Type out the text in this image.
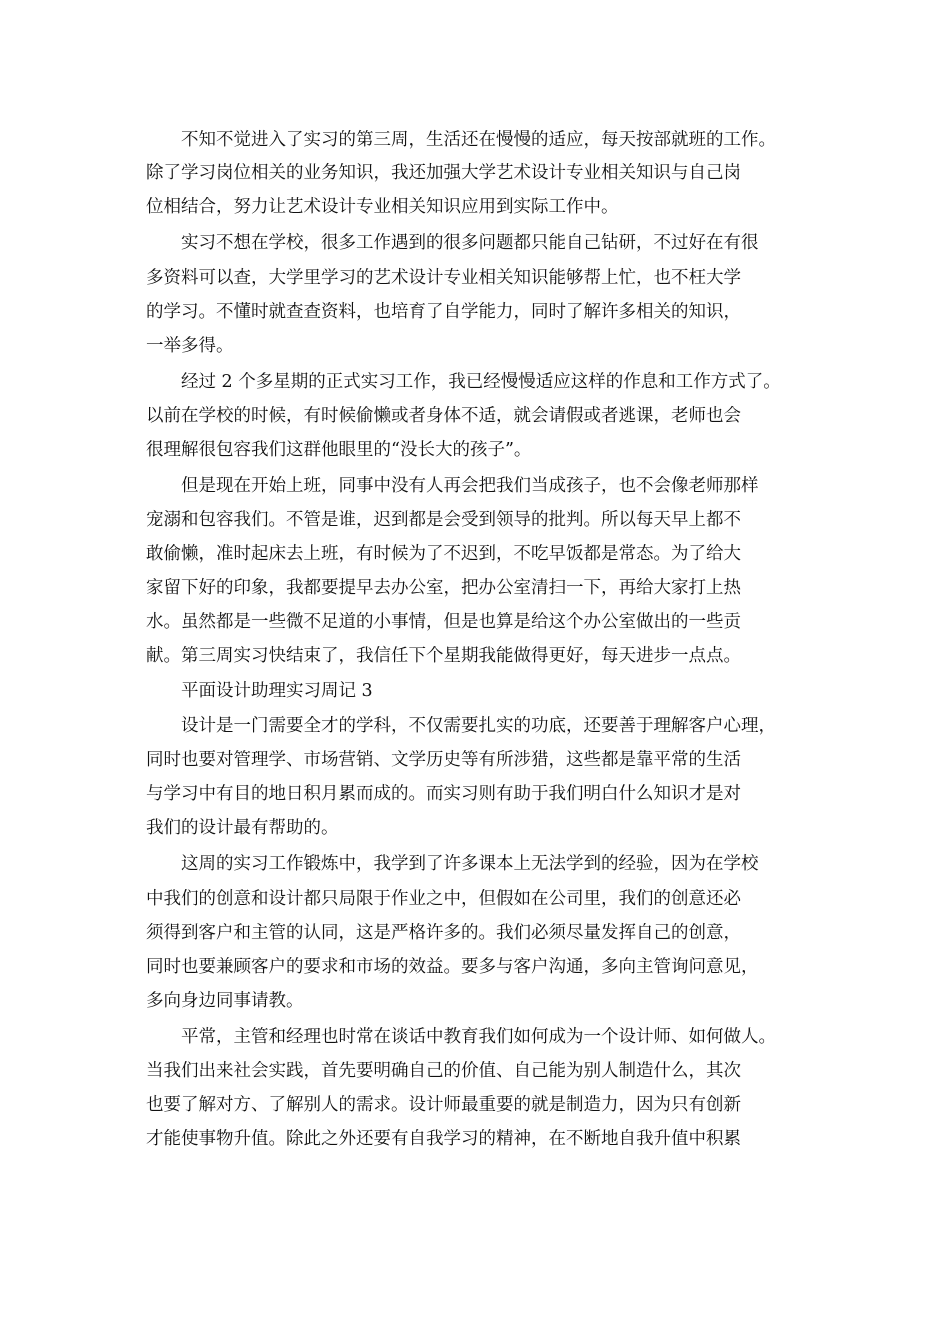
　　不知不觉进入了实习的第三周，生活还在慢慢的适应，每天按部就班的工作。
除了学习岗位相关的业务知识，我还加强大学艺术设计专业相关知识与自己岗
位相结合，努力让艺术设计专业相关知识应用到实际工作中。
　　实习不想在学校，很多工作遇到的很多问题都只能自己钻研，不过好在有很
多资料可以查，大学里学习的艺术设计专业相关知识能够帮上忙，也不枉大学
的学习。不懂时就查查资料，也培育了自学能力，同时了解许多相关的知识，
一举多得。
　　经过 2 个多星期的正式实习工作，我已经慢慢适应这样的作息和工作方式了。
以前在学校的时候，有时候偷懒或者身体不适，就会请假或者逃课，老师也会
很理解很包容我们这群他眼里的“没长大的孩子”。
　　但是现在开始上班，同事中没有人再会把我们当成孩子，也不会像老师那样
宠溺和包容我们。不管是谁，迟到都是会受到领导的批判。所以每天早上都不
敢偷懒，准时起床去上班，有时候为了不迟到，不吃早饭都是常态。为了给大
家留下好的印象，我都要提早去办公室，把办公室清扫一下，再给大家打上热
水。虽然都是一些微不足道的小事情，但是也算是给这个办公室做出的一些贡
献。第三周实习快结束了，我信任下个星期我能做得更好，每天进步一点点。
　　平面设计助理实习周记 3
　　设计是一门需要全才的学科，不仅需要扎实的功底，还要善于理解客户心理，
同时也要对管理学、市场营销、文学历史等有所涉猎，这些都是靠平常的生活
与学习中有目的地日积月累而成的。而实习则有助于我们明白什么知识才是对
我们的设计最有帮助的。
　　这周的实习工作锻炼中，我学到了许多课本上无法学到的经验，因为在学校
中我们的创意和设计都只局限于作业之中，但假如在公司里，我们的创意还必
须得到客户和主管的认同，这是严格许多的。我们必须尽量发挥自己的创意，
同时也要兼顾客户的要求和市场的效益。要多与客户沟通，多向主管询问意见，
多向身边同事请教。
　　平常，主管和经理也时常在谈话中教育我们如何成为一个设计师、如何做人。
当我们出来社会实践，首先要明确自己的价值、自己能为别人制造什么，其次
也要了解对方、了解别人的需求。设计师最重要的就是制造力，因为只有创新
才能使事物升值。除此之外还要有自我学习的精神，在不断地自我升值中积累
